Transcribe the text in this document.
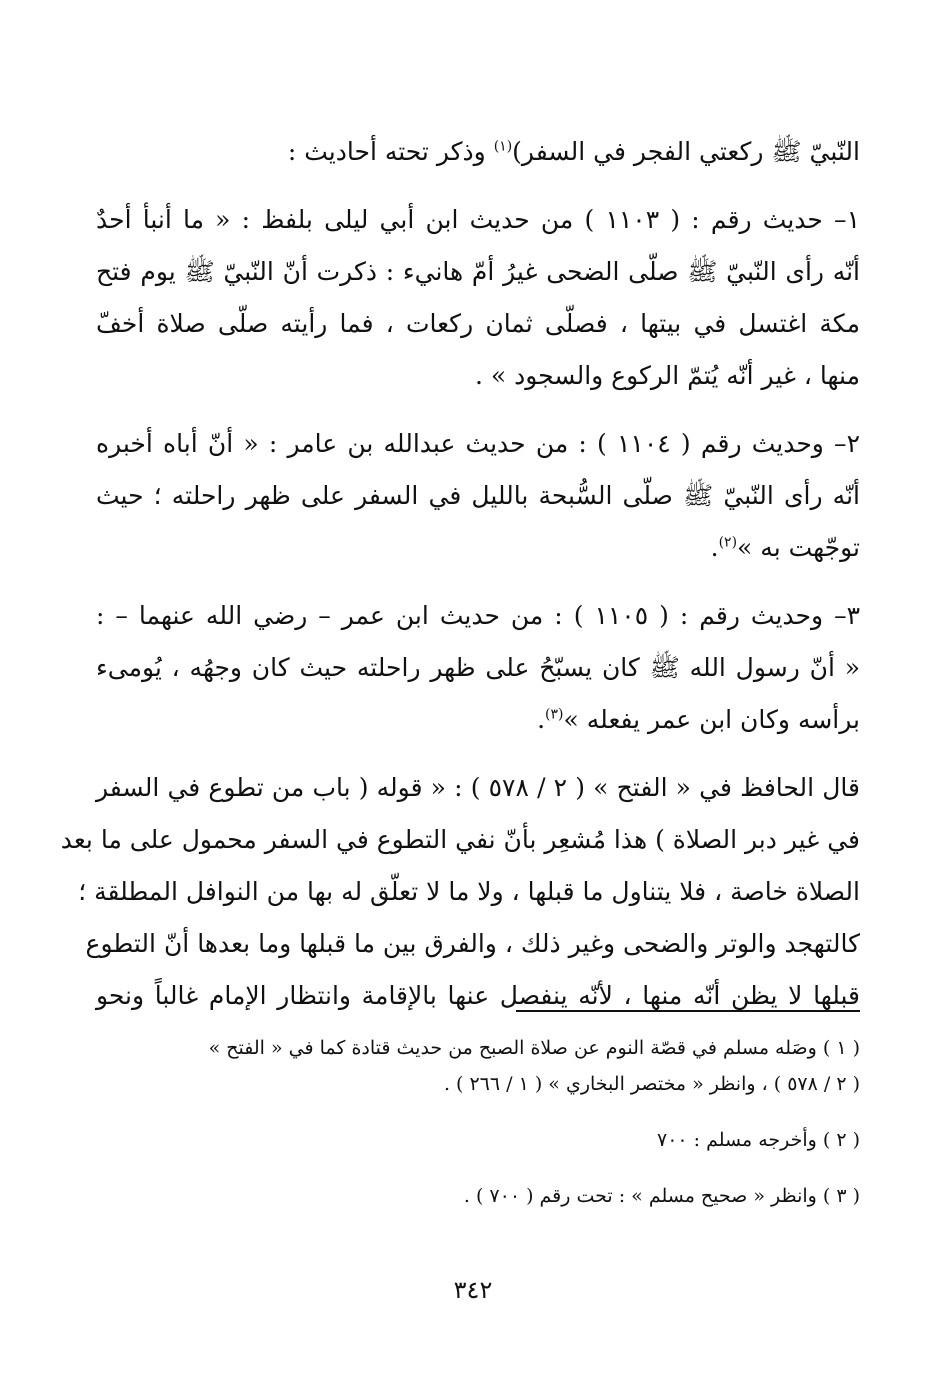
النّبيّ ﷺ ركعتي الفجر في السفر)$^{(١)}$ وذكر تحته أحاديث :
١– حديث رقم : ( ١١٠٣ ) من حديث ابن أبي ليلى بلفظ : « ما أنبأ أحدٌ
أنّه رأى النّبيّ ﷺ صلّى الضحى غيرُ أمّ هانيء : ذكرت أنّ النّبيّ ﷺ يوم فتح
مكة اغتسل في بيتها ، فصلّى ثمان ركعات ، فما رأيته صلّى صلاة أخفّ
منها ، غير أنّه يُتمّ الركوع والسجود » .
٢– وحديث رقم ( ١١٠٤ ) : من حديث عبدالله بن عامر : « أنّ أباه أخبره
أنّه رأى النّبيّ ﷺ صلّى السُّبحة بالليل في السفر على ظهر راحلته ؛ حيث
توجّهت به »$^{(٢)}$.
٣– وحديث رقم : ( ١١٠٥ ) : من حديث ابن عمر – رضي الله عنهما – :
« أنّ رسول الله ﷺ كان يسبّحُ على ظهر راحلته حيث كان وجهُه ، يُومىء
برأسه وكان ابن عمر يفعله »$^{(٣)}$.
قال الحافظ في « الفتح » ( ٢ / ٥٧٨ ) : « قوله ( باب من تطوع في السفر
في غير دبر الصلاة ) هذا مُشعِر بأنّ نفي التطوع في السفر محمول على ما بعد
الصلاة خاصة ، فلا يتناول ما قبلها ، ولا ما لا تعلّق له بها من النوافل المطلقة ؛
كالتهجد والوتر والضحى وغير ذلك ، والفرق بين ما قبلها وما بعدها أنّ التطوع
قبلها لا يظن أنّه منها ، لأنّه ينفصل عنها بالإقامة وانتظار الإمام غالباً ونحو
( ١ ) وصَله مسلم في قصّة النوم عن صلاة الصبح من حديث قتادة كما في « الفتح »
( ٢ / ٥٧٨ ) ، وانظر « مختصر البخاري » ( ١ / ٢٦٦ ) .
( ٢ ) وأخرجه مسلم : ٧٠٠
( ٣ ) وانظر « صحيح مسلم » : تحت رقم ( ٧٠٠ ) .
٣٤٢
